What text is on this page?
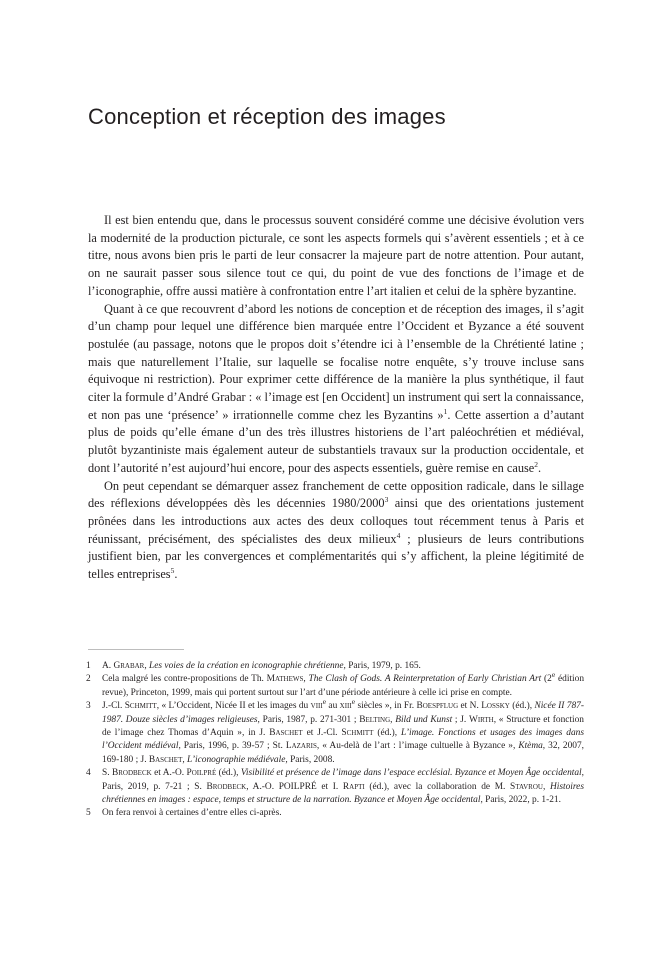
Conception et réception des images

Il est bien entendu que, dans le processus souvent considéré comme une décisive évolution vers la modernité de la production picturale, ce sont les aspects formels qui s’avèrent essentiels ; et à ce titre, nous avons bien pris le parti de leur consacrer la majeure part de notre attention. Pour autant, on ne saurait passer sous silence tout ce qui, du point de vue des fonctions de l’image et de l’iconographie, offre aussi matière à confrontation entre l’art italien et celui de la sphère byzantine.

Quant à ce que recouvrent d’abord les notions de conception et de réception des images, il s’agit d’un champ pour lequel une différence bien marquée entre l’Occident et Byzance a été souvent postulée (au passage, notons que le propos doit s’étendre ici à l’ensemble de la Chrétienté latine ; mais que naturellement l’Italie, sur laquelle se focalise notre enquête, s’y trouve incluse sans équivoque ni restriction). Pour exprimer cette différence de la manière la plus synthétique, il faut citer la formule d’André Grabar : « l’image est [en Occident] un instrument qui sert la connaissance, et non pas une ‘présence’ » irrationnelle comme chez les Byzantins »$^1$. Cette assertion a d’autant plus de poids qu’elle émane d’un des très illustres historiens de l’art paléochrétien et médiéval, plutôt byzantiniste mais également auteur de substantiels travaux sur la production occidentale, et dont l’autorité n’est aujourd’hui encore, pour des aspects essentiels, guère remise en cause$^2$.

On peut cependant se démarquer assez franchement de cette opposition radicale, dans le sillage des réflexions développées dès les décennies 1980/2000$^3$ ainsi que des orientations justement prônées dans les introductions aux actes des deux colloques tout récemment tenus à Paris et réunissant, précisément, des spécialistes des deux milieux$^4$ ; plusieurs de leurs contributions justifient bien, par les convergences et complémentarités qui s’y affichent, la pleine légitimité de telles entreprises$^5$.

1 A. Grabar, Les voies de la création en iconographie chrétienne, Paris, 1979, p. 165.
2 Cela malgré les contre-propositions de Th. Mathews, The Clash of Gods. A Reinterpretation of Early Christian Art (2e édition revue), Princeton, 1999, mais qui portent surtout sur l’art d’une période antérieure à celle ici prise en compte.
3 J.-Cl. Schmitt, « L’Occident, Nicée II et les images du viii$^e$ au xiii$^e$ siècles », in Fr. Boespflug et N. Lossky (éd.), Nicée II 787-1987. Douze siècles d’images religieuses, Paris, 1987, p. 271-301 ; Belting, Bild und Kunst ; J. Wirth, « Structure et fonction de l’image chez Thomas d’Aquin », in J. Baschet et J.-Cl. Schmitt (éd.), L’image. Fonctions et usages des images dans l’Occident médiéval, Paris, 1996, p. 39-57 ; St. Lazaris, « Au-delà de l’art : l’image cultuelle à Byzance », Ktèma, 32, 2007, 169-180 ; J. Baschet, L’iconographie médiévale, Paris, 2008.
4 S. Brodbeck et A.-O. Poilpré (éd.), Visibilité et présence de l’image dans l’espace ecclésial. Byzance et Moyen Âge occidental, Paris, 2019, p. 7-21 ; S. Brodbeck, A.-O. POILPRÉ et I. Rapti (éd.), avec la collaboration de M. Stavrou, Histoires chrétiennes en images : espace, temps et structure de la narration. Byzance et Moyen Âge occidental, Paris, 2022, p. 1-21.
5 On fera renvoi à certaines d’entre elles ci-après.
